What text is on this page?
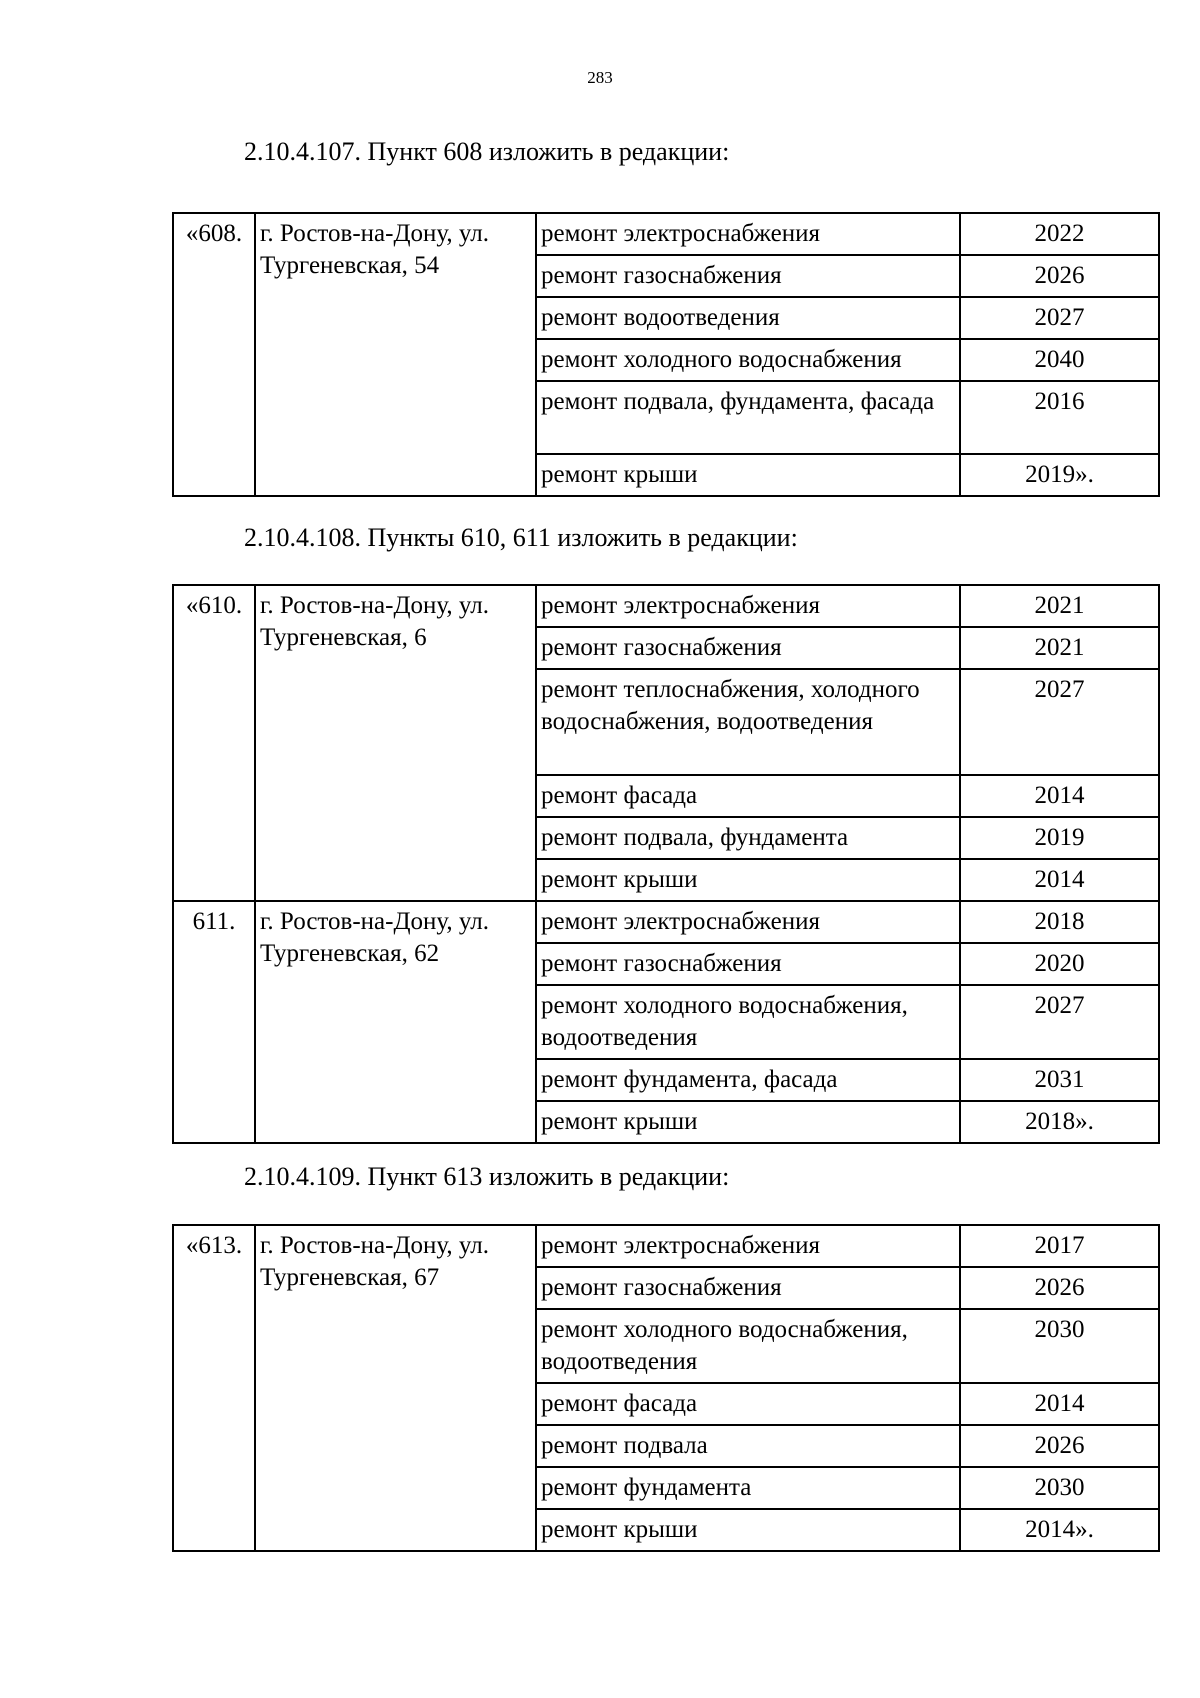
283
2.10.4.107. Пункт 608 изложить в редакции:
«608.	г. Ростов-на-Дону, ул. Тургеневская, 54	ремонт электроснабжения	2022
		ремонт газоснабжения	2026
		ремонт водоотведения	2027
		ремонт холодного водоснабжения	2040
		ремонт подвала, фундамента, фасада	2016
		ремонт крыши	2019».
2.10.4.108. Пункты 610, 611 изложить в редакции:
«610.	г. Ростов-на-Дону, ул. Тургеневская, 6	ремонт электроснабжения	2021
		ремонт газоснабжения	2021
		ремонт теплоснабжения, холодного водоснабжения, водоотведения	2027
		ремонт фасада	2014
		ремонт подвала, фундамента	2019
		ремонт крыши	2014
611.	г. Ростов-на-Дону, ул. Тургеневская, 62	ремонт электроснабжения	2018
		ремонт газоснабжения	2020
		ремонт холодного водоснабжения, водоотведения	2027
		ремонт фундамента, фасада	2031
		ремонт крыши	2018».
2.10.4.109. Пункт 613 изложить в редакции:
«613.	г. Ростов-на-Дону, ул. Тургеневская, 67	ремонт электроснабжения	2017
		ремонт газоснабжения	2026
		ремонт холодного водоснабжения, водоотведения	2030
		ремонт фасада	2014
		ремонт подвала	2026
		ремонт фундамента	2030
		ремонт крыши	2014».
